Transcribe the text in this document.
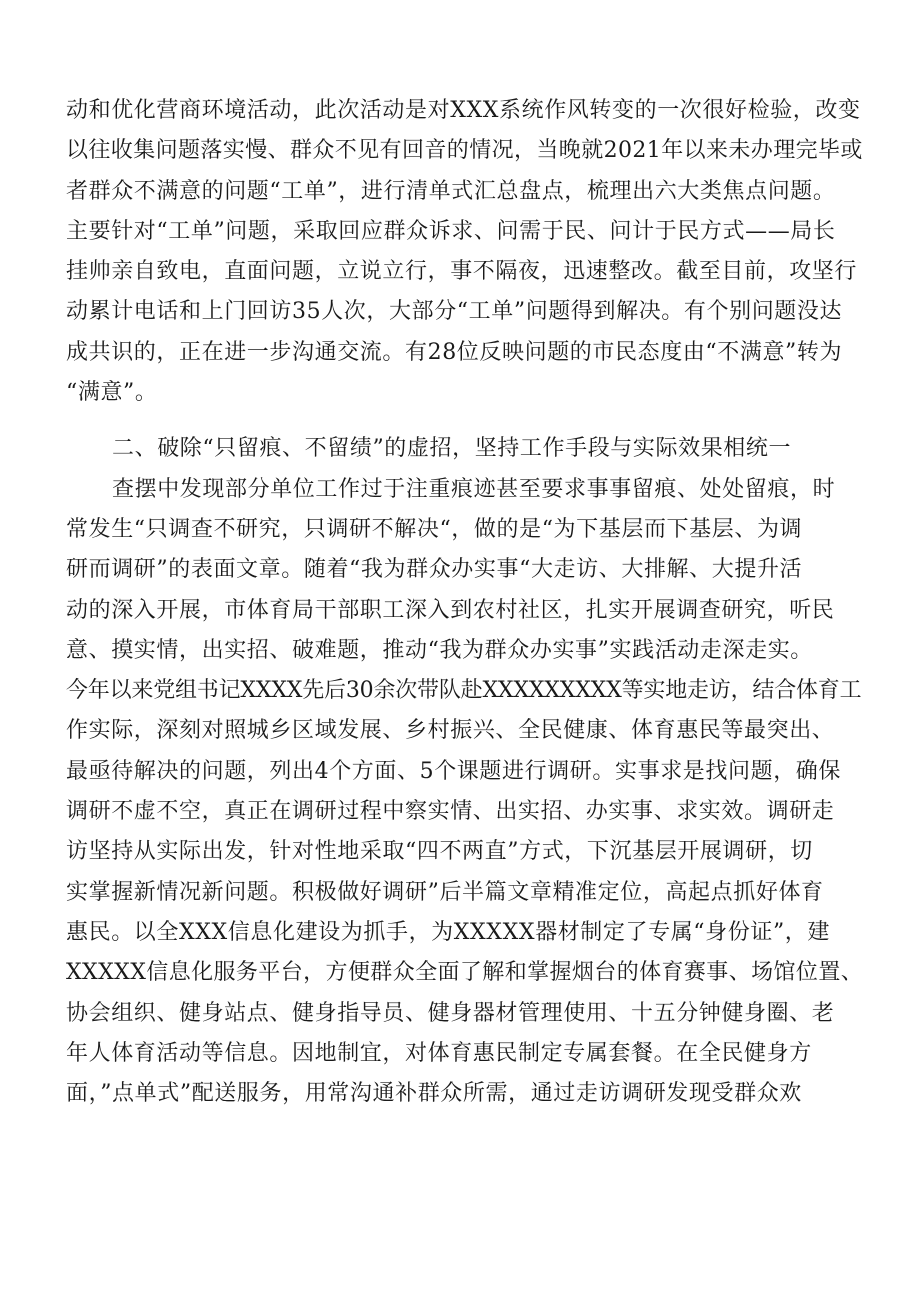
动和优化营商环境活动，此次活动是对XXX系统作风转变的一次很好检验，改变
以往收集问题落实慢、群众不见有回音的情况，当晚就2021年以来未办理完毕或
者群众不满意的问题“工单”，进行清单式汇总盘点，梳理出六大类焦点问题。
主要针对“工单”问题，采取回应群众诉求、问需于民、问计于民方式——局长
挂帅亲自致电，直面问题，立说立行，事不隔夜，迅速整改。截至目前，攻坚行
动累计电话和上门回访35人次，大部分“工单”问题得到解决。有个别问题没达
成共识的，正在进一步沟通交流。有28位反映问题的市民态度由“不满意”转为
“满意”。
二、破除“只留痕、不留绩”的虚招，坚持工作手段与实际效果相统一
查摆中发现部分单位工作过于注重痕迹甚至要求事事留痕、处处留痕，时
常发生“只调查不研究，只调研不解决“，做的是“为下基层而下基层、为调
研而调研”的表面文章。随着“我为群众办实事“大走访、大排解、大提升活
动的深入开展，市体育局干部职工深入到农村社区，扎实开展调查研究，听民
意、摸实情，出实招、破难题，推动“我为群众办实事”实践活动走深走实。
今年以来党组书记XXXX先后30余次带队赴XXXXXXXXX等实地走访，结合体育工
作实际，深刻对照城乡区域发展、乡村振兴、全民健康、体育惠民等最突出、
最亟待解决的问题，列出4个方面、5个课题进行调研。实事求是找问题，确保
调研不虚不空，真正在调研过程中察实情、出实招、办实事、求实效。调研走
访坚持从实际出发，针对性地采取“四不两直”方式，下沉基层开展调研，切
实掌握新情况新问题。积极做好调研”后半篇文章精准定位，高起点抓好体育
惠民。以全XXX信息化建设为抓手，为XXXXX器材制定了专属“身份证”，建
XXXXX信息化服务平台，方便群众全面了解和掌握烟台的体育赛事、场馆位置、
协会组织、健身站点、健身指导员、健身器材管理使用、十五分钟健身圈、老
年人体育活动等信息。因地制宜，对体育惠民制定专属套餐。在全民健身方
面，”点单式”配送服务，用常沟通补群众所需，通过走访调研发现受群众欢
